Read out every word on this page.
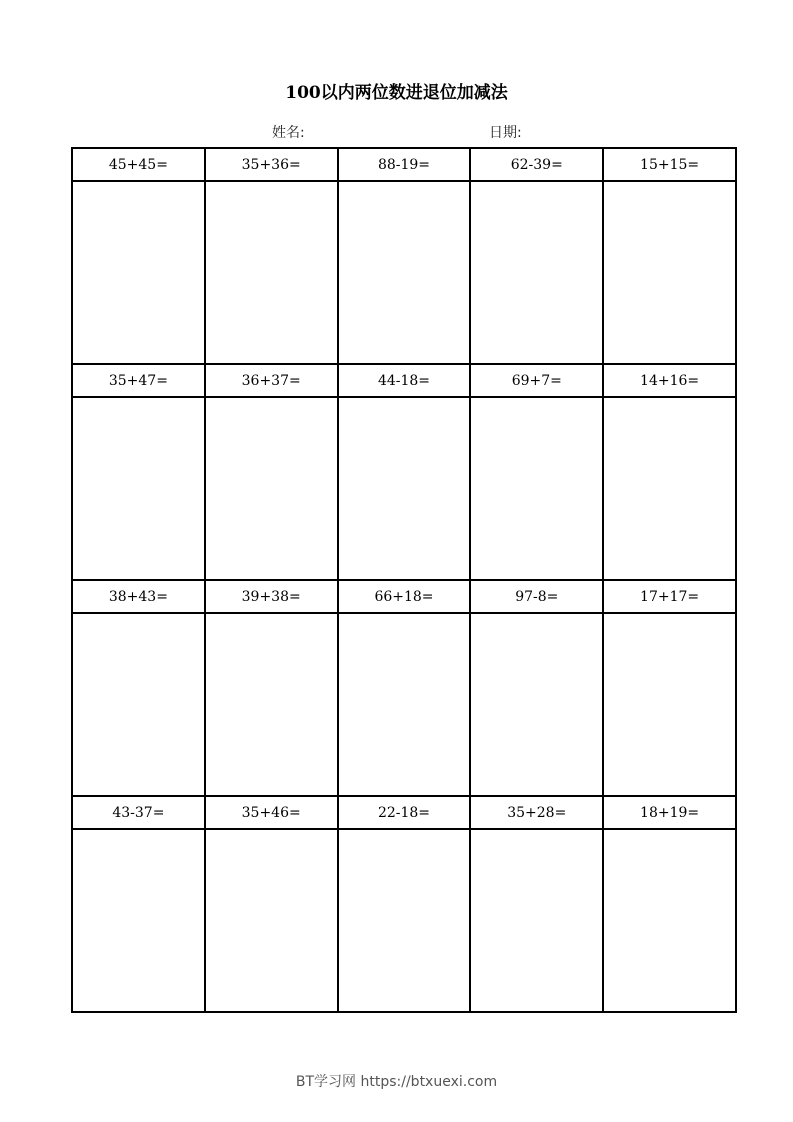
100以内两位数进退位加减法
姓名:	日期:
45+45=	35+36=	88-19=	62-39=	15+15=

35+47=	36+37=	44-18=	69+7=	14+16=

38+43=	39+38=	66+18=	97-8=	17+17=

43-37=	35+46=	22-18=	35+28=	18+19=

BT学习网 https://btxuexi.com
